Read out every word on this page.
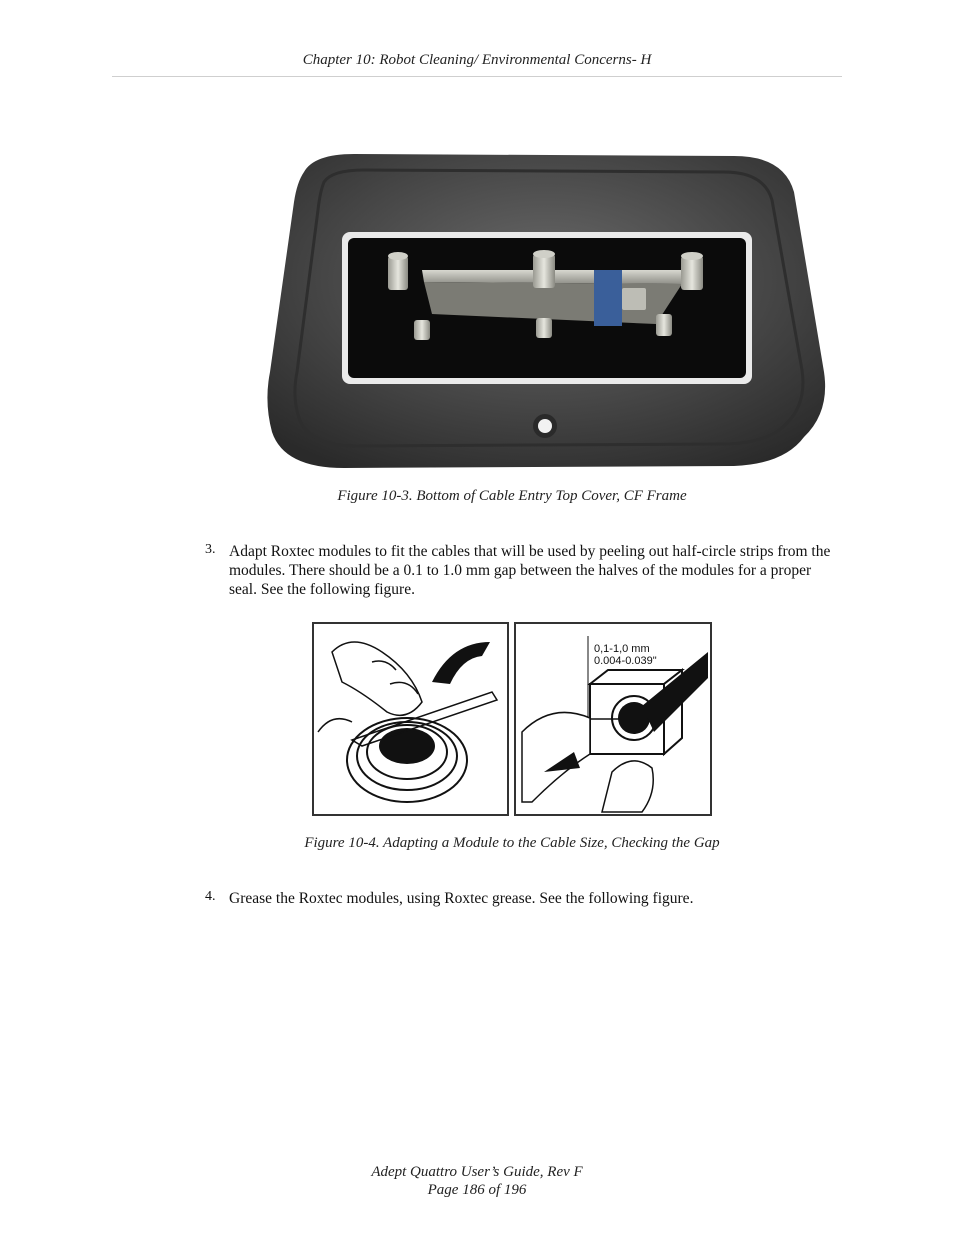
Chapter 10: Robot Cleaning/ Environmental Concerns- H
Figure 10-3. Bottom of Cable Entry Top Cover, CF Frame
3. Adapt Roxtec modules to fit the cables that will be used by peeling out half-circle strips from the modules. There should be a 0.1 to 1.0 mm gap between the halves of the modules for a proper seal. See the following figure.
0,1-1,0 mm
0.004-0.039"
Figure 10-4. Adapting a Module to the Cable Size, Checking the Gap
4. Grease the Roxtec modules, using Roxtec grease. See the following figure.
Adept Quattro User’s Guide, Rev F
Page 186 of 196
